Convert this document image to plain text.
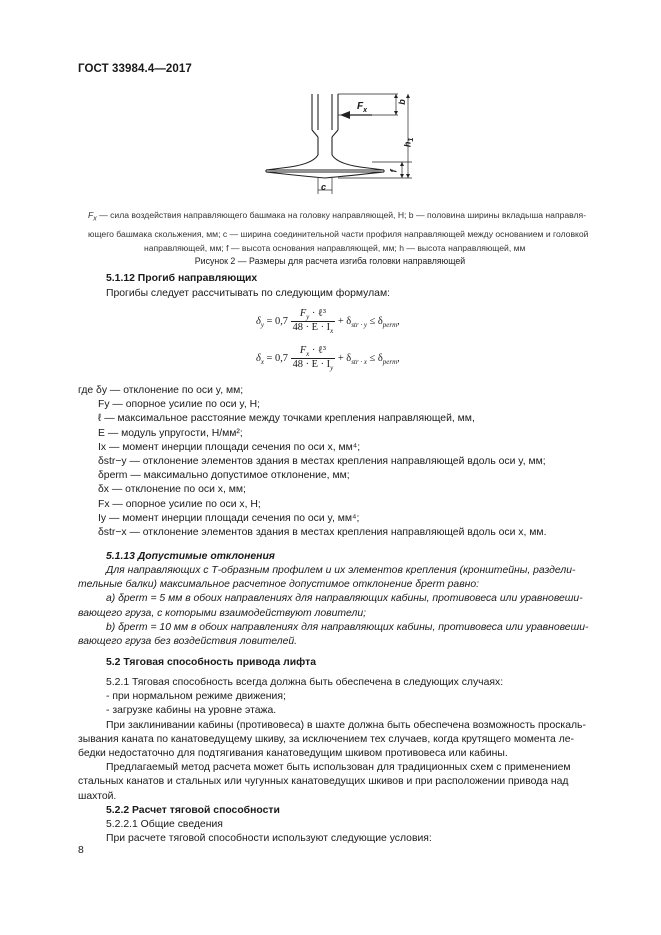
ГОСТ 33984.4—2017
$F_x$
b
$h_1$
f
c
$F_x$ — сила воздействия направляющего башмака на головку направляющей, Н; b — половина ширины вкладыша направля-
ющего башмака скольжения, мм; c — ширина соединительной части профиля направляющей между основанием и головкой
направляющей, мм; f — высота основания направляющей, мм; h — высота направляющей, мм
Рисунок 2 — Размеры для расчета изгиба головки направляющей
5.1.12 Прогиб направляющих
Прогибы следует рассчитывать по следующим формулам:
$\delta_y = 0,7 \frac{F_y \cdot \ell^3}{48 \cdot E \cdot I_x} + \delta_{str \cdot y} \le \delta_{perm}$,
$\delta_x = 0,7 \frac{F_x \cdot \ell^3}{48 \cdot E \cdot I_y} + \delta_{str \cdot x} \le \delta_{perm}$,
где δy — отклонение по оси y, мм;
Fy — опорное усилие по оси y, Н;
ℓ — максимальное расстояние между точками крепления направляющей, мм,
E — модуль упругости, Н/мм²;
Ix — момент инерции площади сечения по оси x, мм⁴;
δstr−y — отклонение элементов здания в местах крепления направляющей вдоль оси y, мм;
δperm — максимально допустимое отклонение, мм;
δx — отклонение по оси x, мм;
Fx — опорное усилие по оси x, Н;
Iy — момент инерции площади сечения по оси y, мм⁴;
δstr−x — отклонение элементов здания в местах крепления направляющей вдоль оси x, мм.
5.1.13 Допустимые отклонения
Для направляющих с Т-образным профилем и их элементов крепления (кронштейны, раздели-
тельные балки) максимальное расчетное допустимое отклонение δperm равно:
a) δperm = 5 мм в обоих направлениях для направляющих кабины, противовеса или уравновеши-
вающего груза, с которыми взаимодействуют ловители;
b) δperm = 10 мм в обоих направлениях для направляющих кабины, противовеса или уравновеши-
вающего груза без воздействия ловителей.
5.2 Тяговая способность привода лифта
5.2.1 Тяговая способность всегда должна быть обеспечена в следующих случаях:
- при нормальном режиме движения;
- загрузке кабины на уровне этажа.
При заклинивании кабины (противовеса) в шахте должна быть обеспечена возможность проскаль-
зывания каната по канатоведущему шкиву, за исключением тех случаев, когда крутящего момента ле-
бедки недостаточно для подтягивания канатоведущим шкивом противовеса или кабины.
Предлагаемый метод расчета может быть использован для традиционных схем с применением
стальных канатов и стальных или чугунных канатоведущих шкивов и при расположении привода над
шахтой.
5.2.2 Расчет тяговой способности
5.2.2.1 Общие сведения
При расчете тяговой способности используют следующие условия:
8
